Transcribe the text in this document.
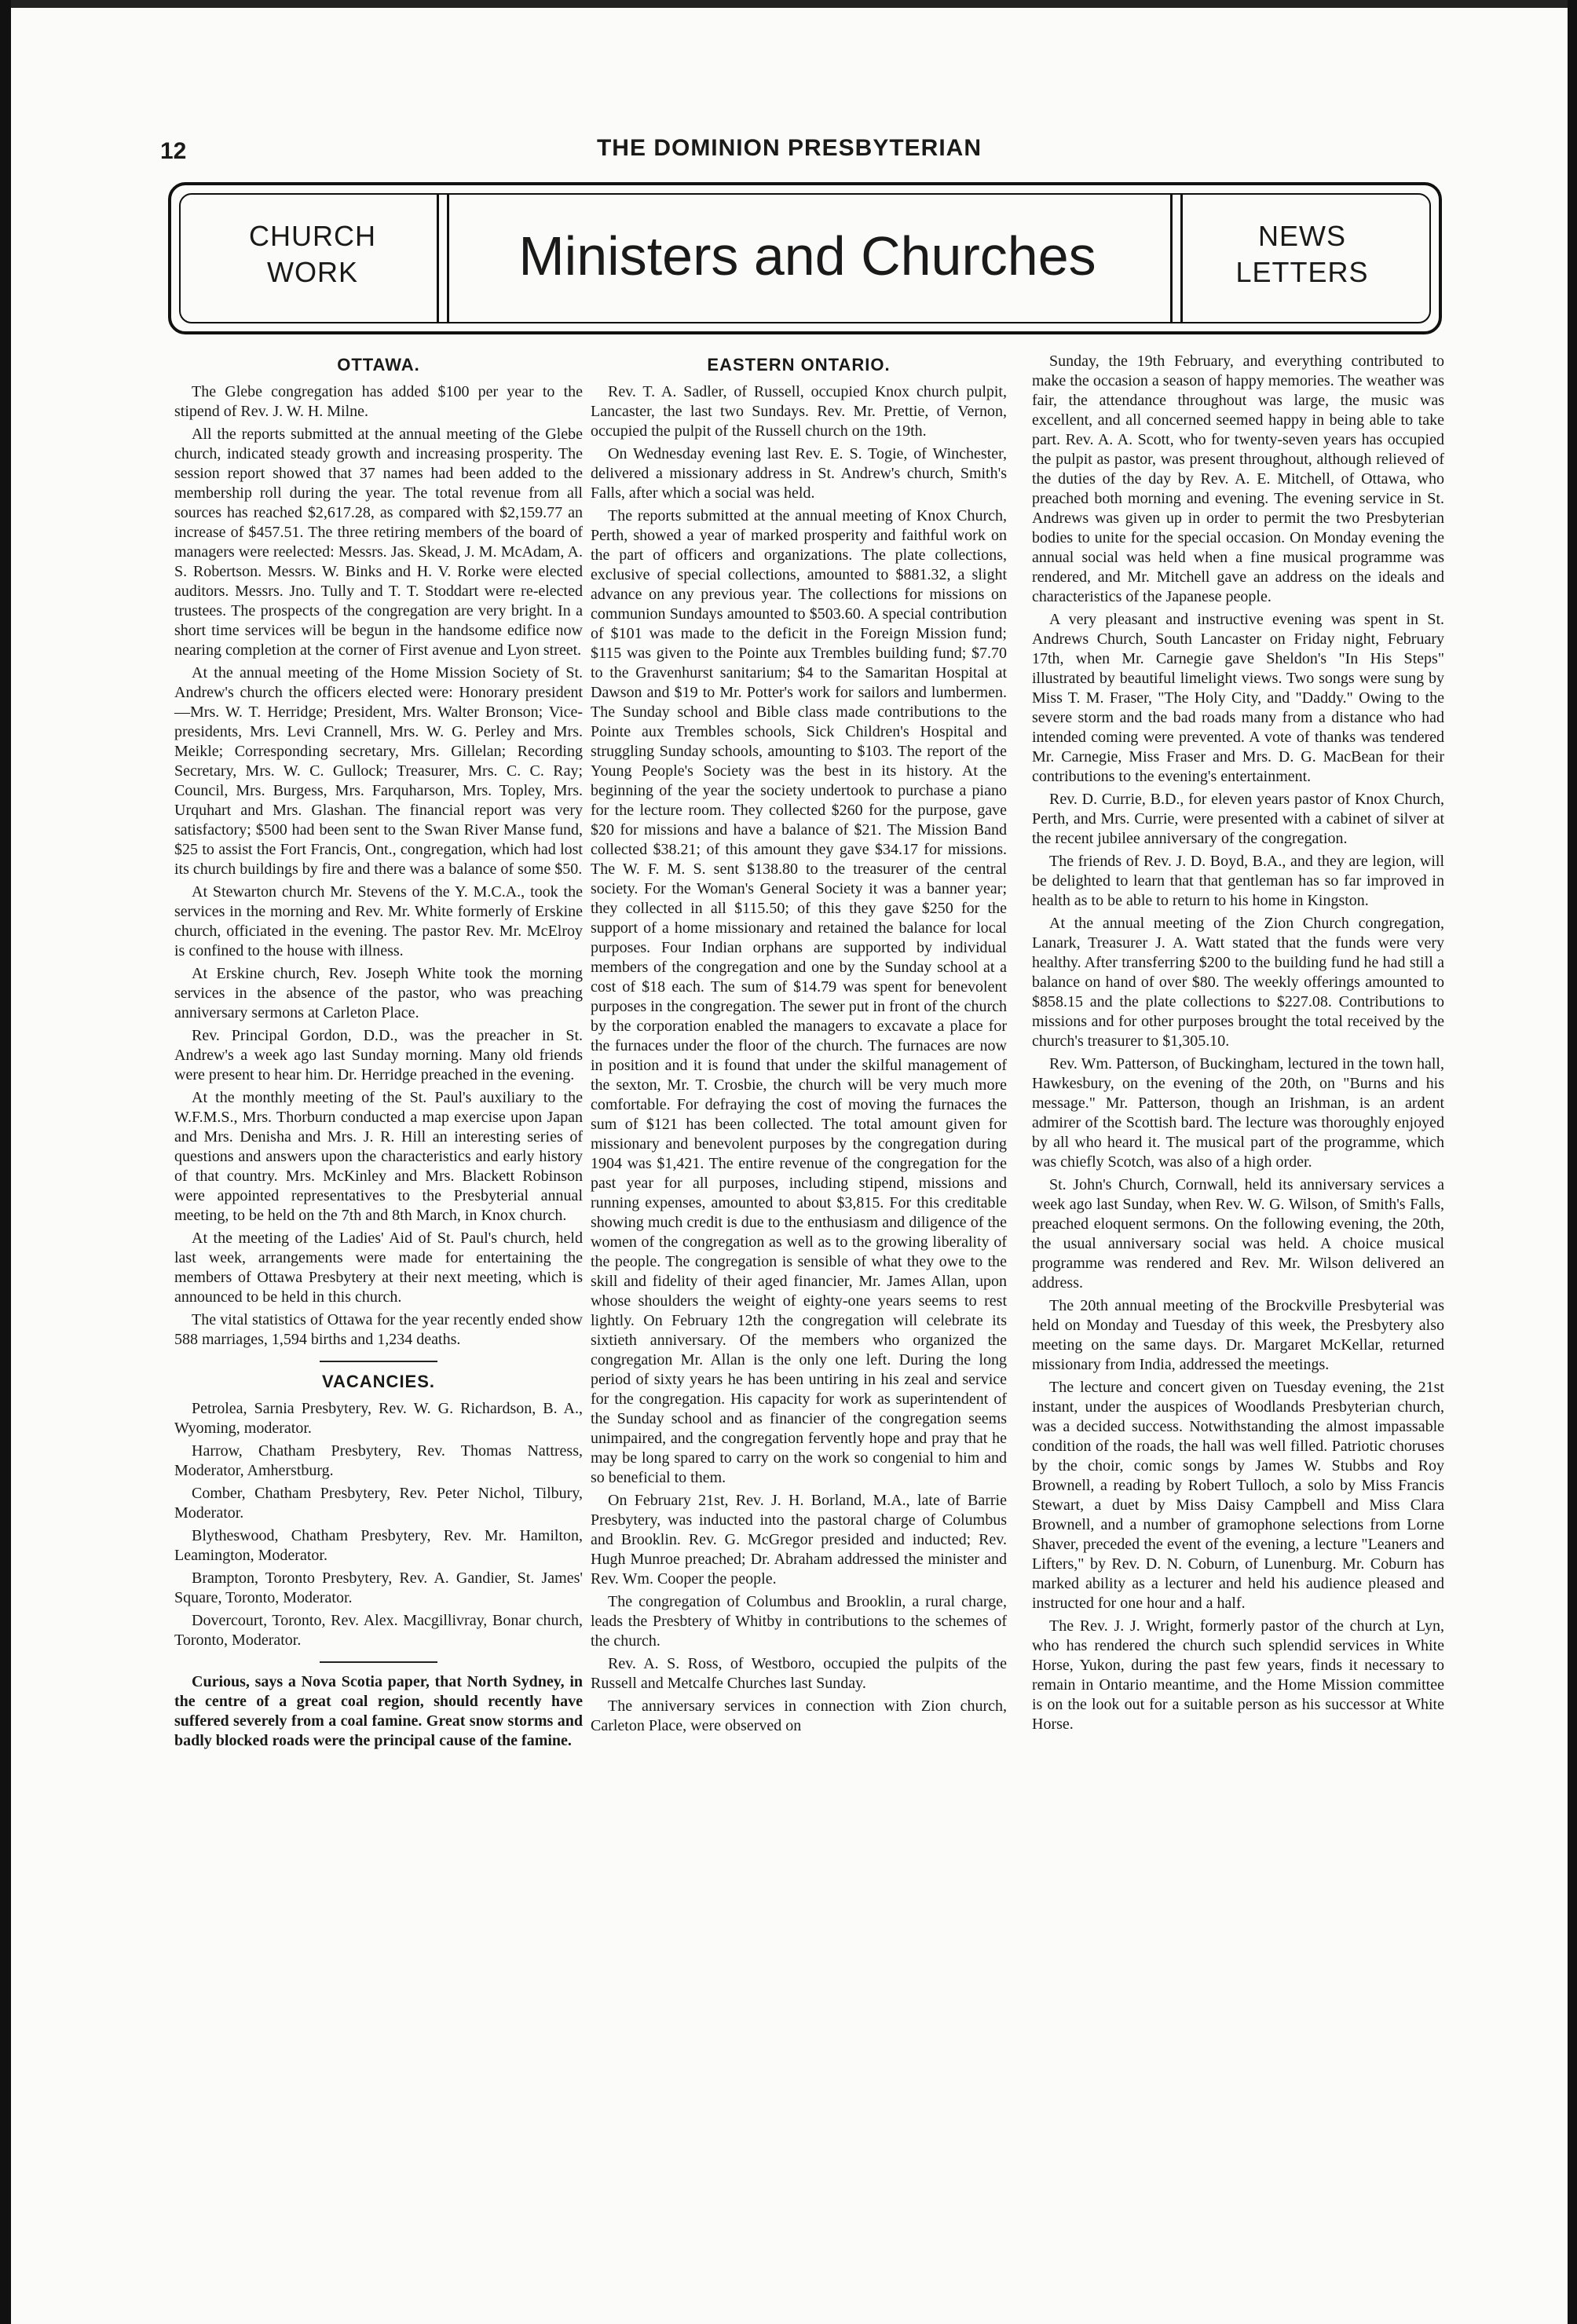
12	THE DOMINION PRESBYTERIAN
CHURCH
WORK	Ministers and Churches	NEWS
LETTERS
OTTAWA.

The Glebe congregation has added $100 per year to the stipend of Rev. J. W. H. Milne.

All the reports submitted at the annual meeting of the Glebe church, indicated steady growth and increasing prosperity. The session report showed that 37 names had been added to the membership roll during the year. The total revenue from all sources has reached $2,617.28, as compared with $2,159.77 an increase of $457.51. The three retiring members of the board of managers were reelected: Messrs. Jas. Skead, J. M. McAdam, A. S. Robertson. Messrs. W. Binks and H. V. Rorke were elected auditors. Messrs. Jno. Tully and T. T. Stoddart were re-elected trustees. The prospects of the congregation are very bright. In a short time services will be begun in the handsome edifice now nearing completion at the corner of First avenue and Lyon street.

At the annual meeting of the Home Mission Society of St. Andrew's church the officers elected were: Honorary president—Mrs. W. T. Herridge; President, Mrs. Walter Bronson; Vice-presidents, Mrs. Levi Crannell, Mrs. W. G. Perley and Mrs. Meikle; Corresponding secretary, Mrs. Gillelan; Recording Secretary, Mrs. W. C. Gullock; Treasurer, Mrs. C. C. Ray; Council, Mrs. Burgess, Mrs. Farquharson, Mrs. Topley, Mrs. Urquhart and Mrs. Glashan. The financial report was very satisfactory; $500 had been sent to the Swan River Manse fund, $25 to assist the Fort Francis, Ont., congregation, which had lost its church buildings by fire and there was a balance of some $50.

At Stewarton church Mr. Stevens of the Y. M.C.A., took the services in the morning and Rev. Mr. White formerly of Erskine church, officiated in the evening. The pastor Rev. Mr. McElroy is confined to the house with illness.

At Erskine church, Rev. Joseph White took the morning services in the absence of the pastor, who was preaching anniversary sermons at Carleton Place.

Rev. Principal Gordon, D.D., was the preacher in St. Andrew's a week ago last Sunday morning. Many old friends were present to hear him. Dr. Herridge preached in the evening.

At the monthly meeting of the St. Paul's auxiliary to the W.F.M.S., Mrs. Thorburn conducted a map exercise upon Japan and Mrs. Denisha and Mrs. J. R. Hill an interesting series of questions and answers upon the characteristics and early history of that country. Mrs. McKinley and Mrs. Blackett Robinson were appointed representatives to the Presbyterial annual meeting, to be held on the 7th and 8th March, in Knox church.

At the meeting of the Ladies' Aid of St. Paul's church, held last week, arrangements were made for entertaining the members of Ottawa Presbytery at their next meeting, which is announced to be held in this church.

The vital statistics of Ottawa for the year recently ended show 588 marriages, 1,594 births and 1,234 deaths.

VACANCIES.

Petrolea, Sarnia Presbytery, Rev. W. G. Richardson, B. A., Wyoming, moderator.

Harrow, Chatham Presbytery, Rev. Thomas Nattress, Moderator, Amherstburg.

Comber, Chatham Presbytery, Rev. Peter Nichol, Tilbury, Moderator.

Blytheswood, Chatham Presbytery, Rev. Mr. Hamilton, Leamington, Moderator.

Brampton, Toronto Presbytery, Rev. A. Gandier, St. James' Square, Toronto, Moderator.

Dovercourt, Toronto, Rev. Alex. Macgillivray, Bonar church, Toronto, Moderator.

Curious, says a Nova Scotia paper, that North Sydney, in the centre of a great coal region, should recently have suffered severely from a coal famine. Great snow storms and badly blocked roads were the principal cause of the famine.

EASTERN ONTARIO.

Rev. T. A. Sadler, of Russell, occupied Knox church pulpit, Lancaster, the last two Sundays. Rev. Mr. Prettie, of Vernon, occupied the pulpit of the Russell church on the 19th.

On Wednesday evening last Rev. E. S. Togie, of Winchester, delivered a missionary address in St. Andrew's church, Smith's Falls, after which a social was held.

The reports submitted at the annual meeting of Knox Church, Perth, showed a year of marked prosperity and faithful work on the part of officers and organizations. The plate collections, exclusive of special collections, amounted to $881.32, a slight advance on any previous year. The collections for missions on communion Sundays amounted to $503.60. A special contribution of $101 was made to the deficit in the Foreign Mission fund; $115 was given to the Pointe aux Trembles building fund; $7.70 to the Gravenhurst sanitarium; $4 to the Samaritan Hospital at Dawson and $19 to Mr. Potter's work for sailors and lumbermen. The Sunday school and Bible class made contributions to the Pointe aux Trembles schools, Sick Children's Hospital and struggling Sunday schools, amounting to $103. The report of the Young People's Society was the best in its history. At the beginning of the year the society undertook to purchase a piano for the lecture room. They collected $260 for the purpose, gave $20 for missions and have a balance of $21. The Mission Band collected $38.21; of this amount they gave $34.17 for missions. The W. F. M. S. sent $138.80 to the treasurer of the central society. For the Woman's General Society it was a banner year; they collected in all $115.50; of this they gave $250 for the support of a home missionary and retained the balance for local purposes. Four Indian orphans are supported by individual members of the congregation and one by the Sunday school at a cost of $18 each. The sum of $14.79 was spent for benevolent purposes in the congregation. The sewer put in front of the church by the corporation enabled the managers to excavate a place for the furnaces under the floor of the church. The furnaces are now in position and it is found that under the skilful management of the sexton, Mr. T. Crosbie, the church will be very much more comfortable. For defraying the cost of moving the furnaces the sum of $121 has been collected. The total amount given for missionary and benevolent purposes by the congregation during 1904 was $1,421. The entire revenue of the congregation for the past year for all purposes, including stipend, missions and running expenses, amounted to about $3,815. For this creditable showing much credit is due to the enthusiasm and diligence of the women of the congregation as well as to the growing liberality of the people. The congregation is sensible of what they owe to the skill and fidelity of their aged financier, Mr. James Allan, upon whose shoulders the weight of eighty-one years seems to rest lightly. On February 12th the congregation will celebrate its sixtieth anniversary. Of the members who organized the congregation Mr. Allan is the only one left. During the long period of sixty years he has been untiring in his zeal and service for the congregation. His capacity for work as superintendent of the Sunday school and as financier of the congregation seems unimpaired, and the congregation fervently hope and pray that he may be long spared to carry on the work so congenial to him and so beneficial to them.

On February 21st, Rev. J. H. Borland, M.A., late of Barrie Presbytery, was inducted into the pastoral charge of Columbus and Brooklin. Rev. G. McGregor presided and inducted; Rev. Hugh Munroe preached; Dr. Abraham addressed the minister and Rev. Wm. Cooper the people.

The congregation of Columbus and Brooklin, a rural charge, leads the Presbtery of Whitby in contributions to the schemes of the church.

Rev. A. S. Ross, of Westboro, occupied the pulpits of the Russell and Metcalfe Churches last Sunday.

The anniversary services in connection with Zion church, Carleton Place, were observed on

Sunday, the 19th February, and everything contributed to make the occasion a season of happy memories. The weather was fair, the attendance throughout was large, the music was excellent, and all concerned seemed happy in being able to take part. Rev. A. A. Scott, who for twenty-seven years has occupied the pulpit as pastor, was present throughout, although relieved of the duties of the day by Rev. A. E. Mitchell, of Ottawa, who preached both morning and evening. The evening service in St. Andrews was given up in order to permit the two Presbyterian bodies to unite for the special occasion. On Monday evening the annual social was held when a fine musical programme was rendered, and Mr. Mitchell gave an address on the ideals and characteristics of the Japanese people.

A very pleasant and instructive evening was spent in St. Andrews Church, South Lancaster on Friday night, February 17th, when Mr. Carnegie gave Sheldon's "In His Steps" illustrated by beautiful limelight views. Two songs were sung by Miss T. M. Fraser, "The Holy City, and "Daddy." Owing to the severe storm and the bad roads many from a distance who had intended coming were prevented. A vote of thanks was tendered Mr. Carnegie, Miss Fraser and Mrs. D. G. MacBean for their contributions to the evening's entertainment.

Rev. D. Currie, B.D., for eleven years pastor of Knox Church, Perth, and Mrs. Currie, were presented with a cabinet of silver at the recent jubilee anniversary of the congregation.

The friends of Rev. J. D. Boyd, B.A., and they are legion, will be delighted to learn that that gentleman has so far improved in health as to be able to return to his home in Kingston.

At the annual meeting of the Zion Church congregation, Lanark, Treasurer J. A. Watt stated that the funds were very healthy. After transferring $200 to the building fund he had still a balance on hand of over $80. The weekly offerings amounted to $858.15 and the plate collections to $227.08. Contributions to missions and for other purposes brought the total received by the church's treasurer to $1,305.10.

Rev. Wm. Patterson, of Buckingham, lectured in the town hall, Hawkesbury, on the evening of the 20th, on "Burns and his message." Mr. Patterson, though an Irishman, is an ardent admirer of the Scottish bard. The lecture was thoroughly enjoyed by all who heard it. The musical part of the programme, which was chiefly Scotch, was also of a high order.

St. John's Church, Cornwall, held its anniversary services a week ago last Sunday, when Rev. W. G. Wilson, of Smith's Falls, preached eloquent sermons. On the following evening, the 20th, the usual anniversary social was held. A choice musical programme was rendered and Rev. Mr. Wilson delivered an address.

The 20th annual meeting of the Brockville Presbyterial was held on Monday and Tuesday of this week, the Presbytery also meeting on the same days. Dr. Margaret McKellar, returned missionary from India, addressed the meetings.

The lecture and concert given on Tuesday evening, the 21st instant, under the auspices of Woodlands Presbyterian church, was a decided success. Notwithstanding the almost impassable condition of the roads, the hall was well filled. Patriotic choruses by the choir, comic songs by James W. Stubbs and Roy Brownell, a reading by Robert Tulloch, a solo by Miss Francis Stewart, a duet by Miss Daisy Campbell and Miss Clara Brownell, and a number of gramophone selections from Lorne Shaver, preceded the event of the evening, a lecture "Leaners and Lifters," by Rev. D. N. Coburn, of Lunenburg. Mr. Coburn has marked ability as a lecturer and held his audience pleased and instructed for one hour and a half.

The Rev. J. J. Wright, formerly pastor of the church at Lyn, who has rendered the church such splendid services in White Horse, Yukon, during the past few years, finds it necessary to remain in Ontario meantime, and the Home Mission committee is on the look out for a suitable person as his successor at White Horse.
